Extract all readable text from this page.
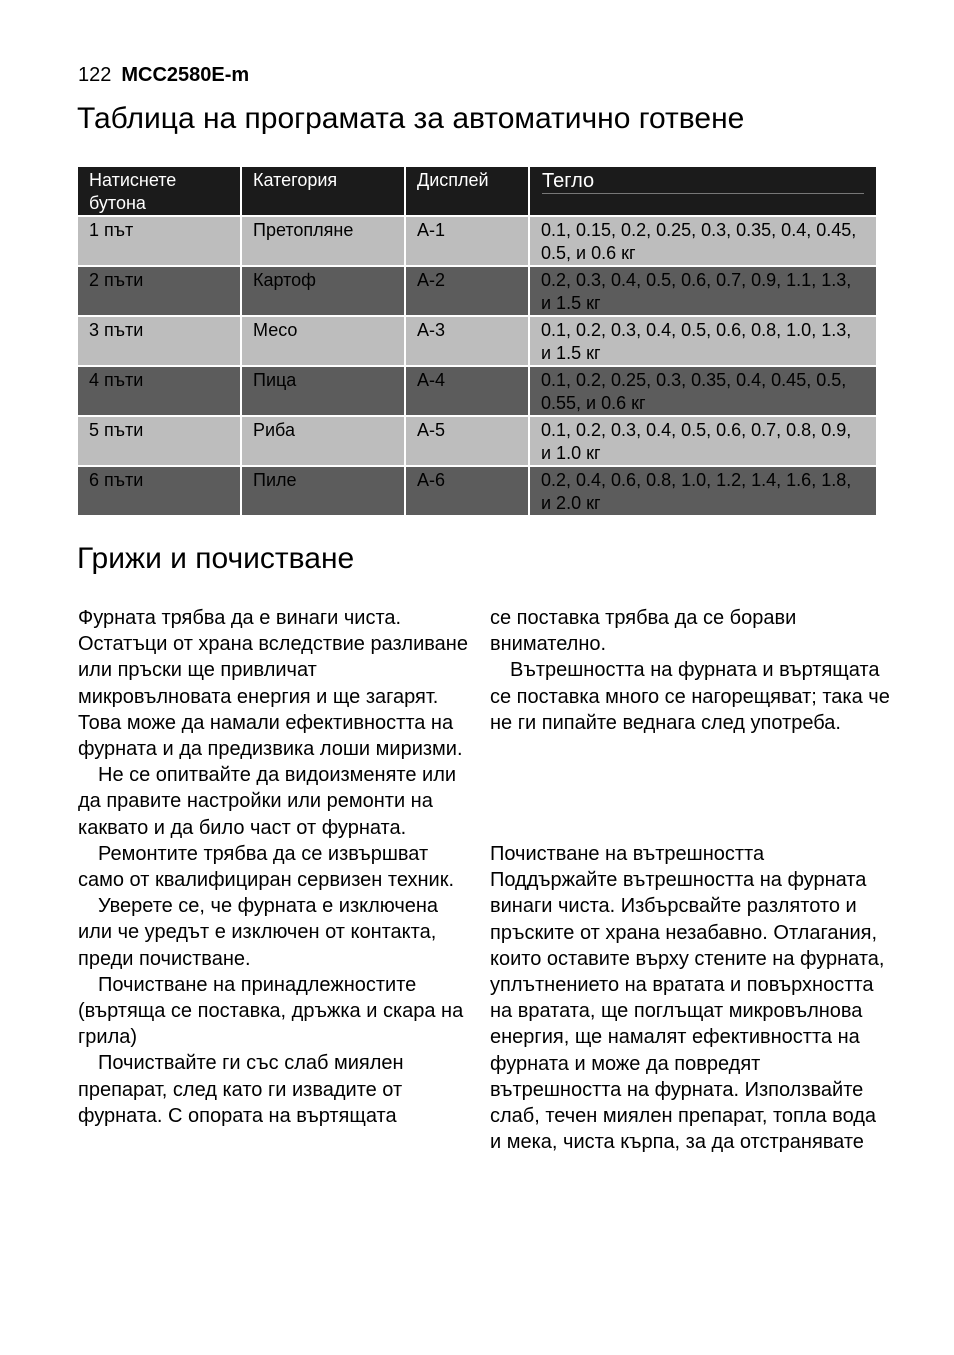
122 MCC2580E-m
Таблица на програмата за автоматично готвене
Натиснете бутона	Категория	Дисплей	Тегло

1 път	Претопляне	A-1	0.1, 0.15, 0.2, 0.25, 0.3, 0.35, 0.4, 0.45, 0.5, и 0.6 кг

2 пъти	Картоф	A-2	0.2, 0.3, 0.4, 0.5, 0.6, 0.7, 0.9, 1.1, 1.3, и 1.5 кг

3 пъти	Месо	A-3	0.1, 0.2, 0.3, 0.4, 0.5, 0.6, 0.8, 1.0, 1.3, и 1.5 кг

4 пъти	Пица	A-4	0.1, 0.2, 0.25, 0.3, 0.35, 0.4, 0.45, 0.5, 0.55, и 0.6 кг

5 пъти	Риба	A-5	0.1, 0.2, 0.3, 0.4, 0.5, 0.6, 0.7, 0.8, 0.9, и 1.0 кг

6 пъти	Пиле	A-6	0.2, 0.4, 0.6, 0.8, 1.0, 1.2, 1.4, 1.6, 1.8, и 2.0 кг
Грижи и почистване

Фурната трябва да е винаги чиста. Остатъци от храна вследствие разливане или пръски ще привличат микровълновата енергия и ще загарят. Това може да намали ефективността на фурната и да предизвика лоши миризми.

Не се опитвайте да видоизменяте или да правите настройки или ремонти на каквато и да било част от фурната.

Ремонтите трябва да се извършват само от квалифициран сервизен техник.

Уверете се, че фурната е изключена или че уредът е изключен от контакта, преди почистване.

Почистване на принадлежностите (въртяща се поставка, дръжка и скара на грила)

Почиствайте ги със слаб миялен препарат, след като ги извадите от фурната. С опората на въртящата

се поставка трябва да се борави внимателно.

Вътрешността на фурната и въртящата се поставка много се нагорещяват; така че не ги пипайте веднага след употреба.

Почистване на вътрешността

Поддържайте вътрешността на фурната винаги чиста. Избърсвайте разлятото и пръските от храна незабавно. Отлагания, които оставите върху стените на фурната, уплътнението на вратата и повърхността на вратата, ще поглъщат микровълнова енергия, ще намалят ефективността на фурната и може да повредят вътрешността на фурната. Използвайте слаб, течен миялен препарат, топла вода и мека, чиста кърпа, за да отстранявате
